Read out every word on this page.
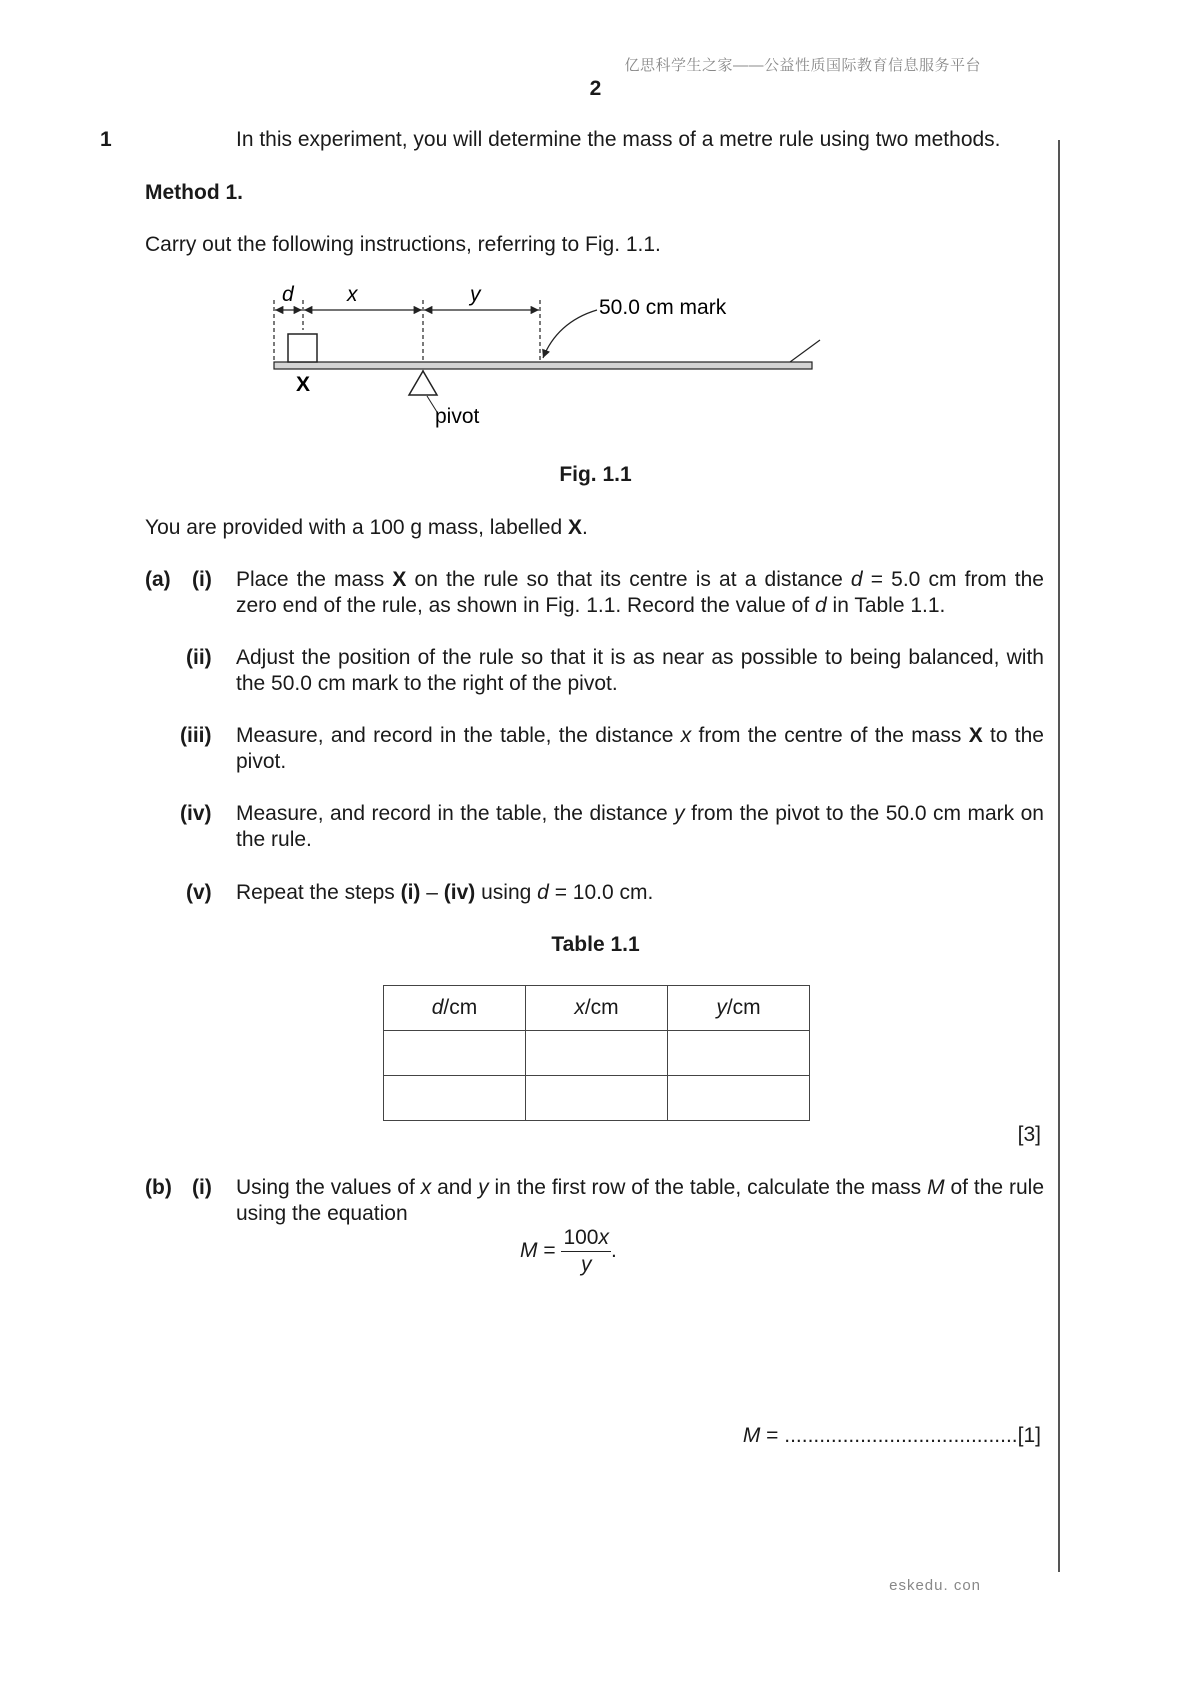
亿思科学生之家——公益性质国际教育信息服务平台
2
eskedu. con
1	In this experiment, you will determine the mass of a metre rule using two methods.
Method 1.
Carry out the following instructions, referring to Fig. 1.1.
d	x	y
50.0 cm mark
X
pivot
Fig. 1.1
You are provided with a 100 g mass, labelled X.
(a) (i) Place the mass X on the rule so that its centre is at a distance d = 5.0 cm from the zero end of the rule, as shown in Fig. 1.1. Record the value of d in Table 1.1.
(ii) Adjust the position of the rule so that it is as near as possible to being balanced, with the 50.0 cm mark to the right of the pivot.
(iii) Measure, and record in the table, the distance x from the centre of the mass X to the pivot.
(iv) Measure, and record in the table, the distance y from the pivot to the 50.0 cm mark on the rule.
(v) Repeat the steps (i) – (iv) using d = 10.0 cm.
Table 1.1
d/cm	x/cm	y/cm

[3]
(b) (i) Using the values of x and y in the first row of the table, calculate the mass M of the rule using the equation
$M = \frac{100x}{y}$ .
M = ........................................[1]
